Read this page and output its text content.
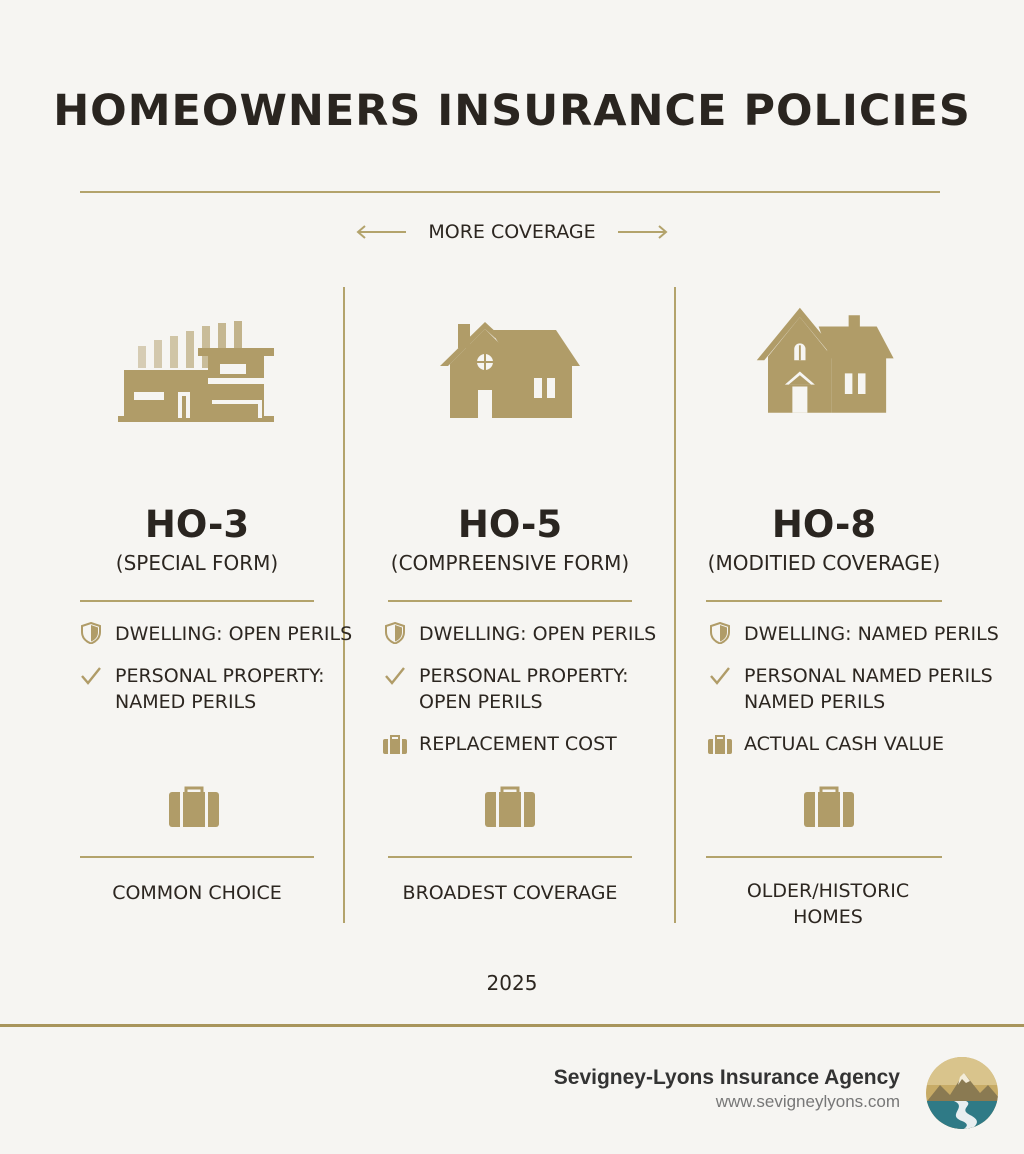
HOMEOWNERS INSURANCE POLICIES
MORE COVERAGE
HO-3
(SPECIAL FORM)
DWELLING: OPEN PERILS
PERSONAL PROPERTY:
NAMED PERILS
COMMON CHOICE
HO-5
(COMPREENSIVE FORM)
DWELLING: OPEN PERILS
PERSONAL PROPERTY:
OPEN PERILS
REPLACEMENT COST
BROADEST COVERAGE
HO-8
(MODITIED COVERAGE)
DWELLING: NAMED PERILS
PERSONAL NAMED PERILS
NAMED PERILS
ACTUAL CASH VALUE
OLDER/HISTORIC
HOMES
2025
Sevigney-Lyons Insurance Agency
www.sevigneylyons.com
